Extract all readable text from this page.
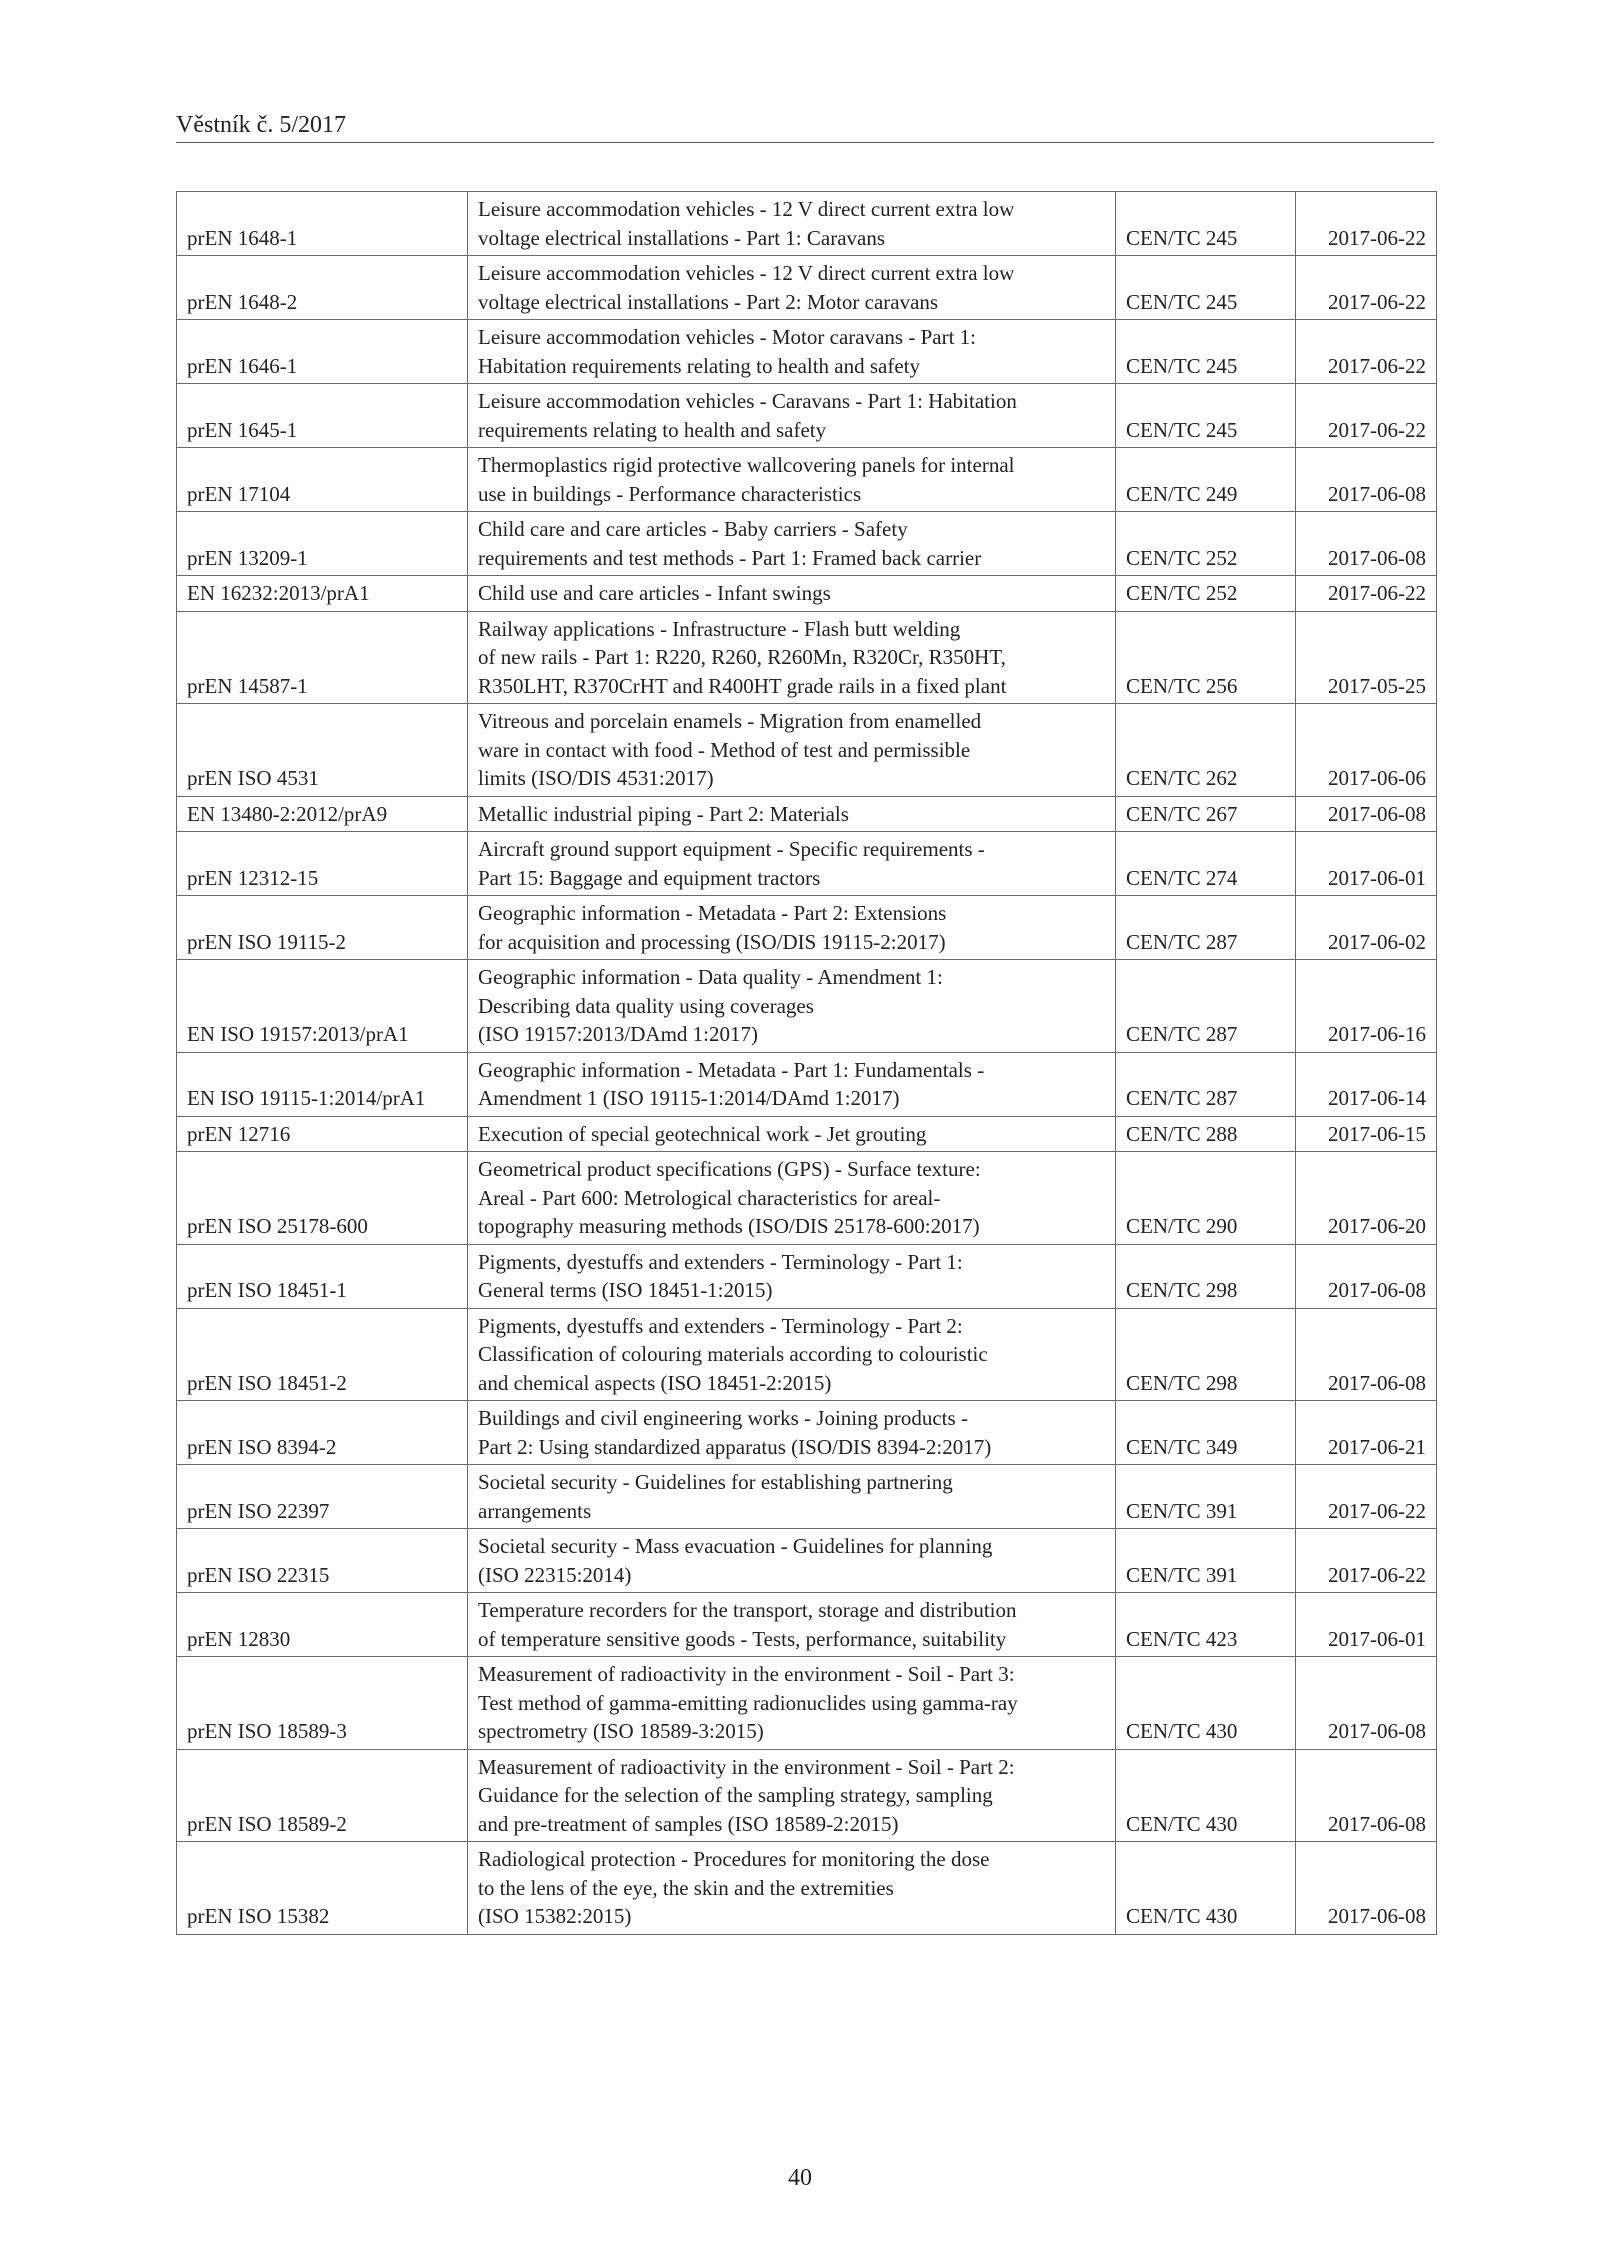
Věstník č. 5/2017
prEN 1648-1	Leisure accommodation vehicles - 12 V direct current extra low
voltage electrical installations - Part 1: Caravans	CEN/TC 245	2017-06-22
prEN 1648-2	Leisure accommodation vehicles - 12 V direct current extra low
voltage electrical installations - Part 2: Motor caravans	CEN/TC 245	2017-06-22
prEN 1646-1	Leisure accommodation vehicles - Motor caravans - Part 1:
Habitation requirements relating to health and safety	CEN/TC 245	2017-06-22
prEN 1645-1	Leisure accommodation vehicles - Caravans - Part 1: Habitation
requirements relating to health and safety	CEN/TC 245	2017-06-22
prEN 17104	Thermoplastics rigid protective wallcovering panels for internal
use in buildings - Performance characteristics	CEN/TC 249	2017-06-08
prEN 13209-1	Child care and care articles - Baby carriers - Safety
requirements and test methods - Part 1: Framed back carrier	CEN/TC 252	2017-06-08
EN 16232:2013/prA1	Child use and care articles - Infant swings	CEN/TC 252	2017-06-22
prEN 14587-1	Railway applications - Infrastructure - Flash butt welding
of new rails - Part 1: R220, R260, R260Mn, R320Cr, R350HT,
R350LHT, R370CrHT and R400HT grade rails in a fixed plant	CEN/TC 256	2017-05-25
prEN ISO 4531	Vitreous and porcelain enamels - Migration from enamelled
ware in contact with food - Method of test and permissible
limits (ISO/DIS 4531:2017)	CEN/TC 262	2017-06-06
EN 13480-2:2012/prA9	Metallic industrial piping - Part 2: Materials	CEN/TC 267	2017-06-08
prEN 12312-15	Aircraft ground support equipment - Specific requirements -
Part 15: Baggage and equipment tractors	CEN/TC 274	2017-06-01
prEN ISO 19115-2	Geographic information - Metadata - Part 2: Extensions
for acquisition and processing (ISO/DIS 19115-2:2017)	CEN/TC 287	2017-06-02
EN ISO 19157:2013/prA1	Geographic information - Data quality - Amendment 1:
Describing data quality using coverages
(ISO 19157:2013/DAmd 1:2017)	CEN/TC 287	2017-06-16
EN ISO 19115-1:2014/prA1	Geographic information - Metadata - Part 1: Fundamentals -
Amendment 1 (ISO 19115-1:2014/DAmd 1:2017)	CEN/TC 287	2017-06-14
prEN 12716	Execution of special geotechnical work - Jet grouting	CEN/TC 288	2017-06-15
prEN ISO 25178-600	Geometrical product specifications (GPS) - Surface texture:
Areal - Part 600: Metrological characteristics for areal-
topography measuring methods (ISO/DIS 25178-600:2017)	CEN/TC 290	2017-06-20
prEN ISO 18451-1	Pigments, dyestuffs and extenders - Terminology - Part 1:
General terms (ISO 18451-1:2015)	CEN/TC 298	2017-06-08
prEN ISO 18451-2	Pigments, dyestuffs and extenders - Terminology - Part 2:
Classification of colouring materials according to colouristic
and chemical aspects (ISO 18451-2:2015)	CEN/TC 298	2017-06-08
prEN ISO 8394-2	Buildings and civil engineering works - Joining products -
Part 2: Using standardized apparatus (ISO/DIS 8394-2:2017)	CEN/TC 349	2017-06-21
prEN ISO 22397	Societal security - Guidelines for establishing partnering
arrangements	CEN/TC 391	2017-06-22
prEN ISO 22315	Societal security - Mass evacuation - Guidelines for planning
(ISO 22315:2014)	CEN/TC 391	2017-06-22
prEN 12830	Temperature recorders for the transport, storage and distribution
of temperature sensitive goods - Tests, performance, suitability	CEN/TC 423	2017-06-01
prEN ISO 18589-3	Measurement of radioactivity in the environment - Soil - Part 3:
Test method of gamma-emitting radionuclides using gamma-ray
spectrometry (ISO 18589-3:2015)	CEN/TC 430	2017-06-08
prEN ISO 18589-2	Measurement of radioactivity in the environment - Soil - Part 2:
Guidance for the selection of the sampling strategy, sampling
and pre-treatment of samples (ISO 18589-2:2015)	CEN/TC 430	2017-06-08
prEN ISO 15382	Radiological protection - Procedures for monitoring the dose
to the lens of the eye, the skin and the extremities
(ISO 15382:2015)	CEN/TC 430	2017-06-08
40
